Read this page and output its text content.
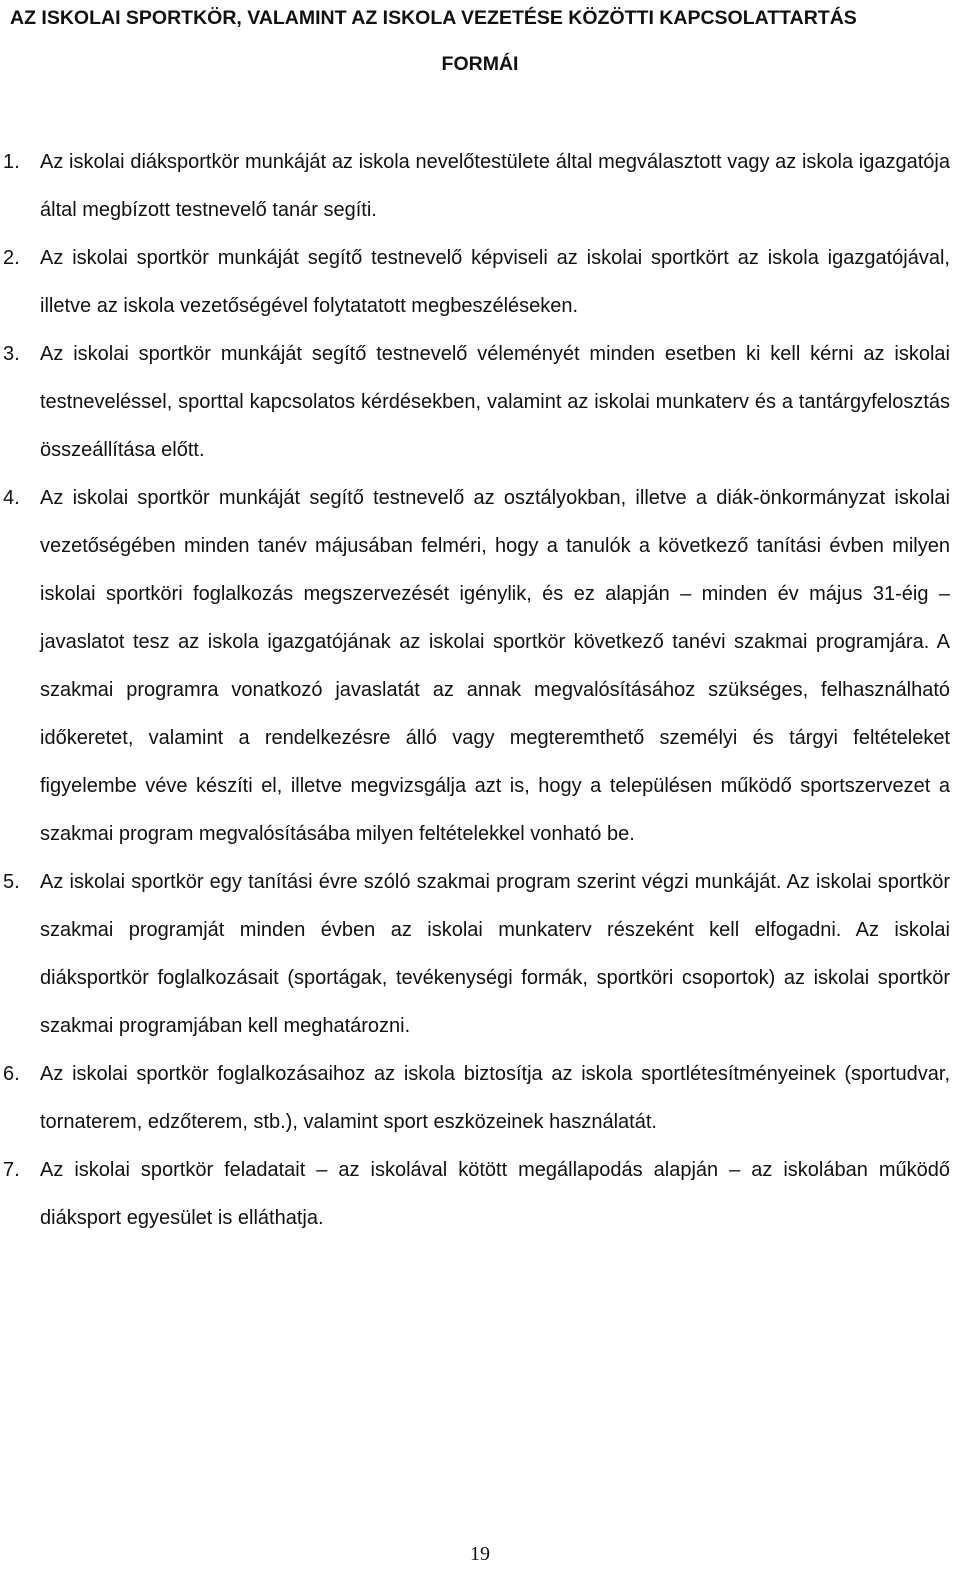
AZ ISKOLAI SPORTKÖR, VALAMINT AZ ISKOLA VEZETÉSE KÖZÖTTI KAPCSOLATTARTÁS
FORMÁI
1. Az iskolai diáksportkör munkáját az iskola nevelőtestülete által megválasztott vagy az iskola igazgatója által megbízott testnevelő tanár segíti.
2. Az iskolai sportkör munkáját segítő testnevelő képviseli az iskolai sportkört az iskola igazgatójával, illetve az iskola vezetőségével folytatatott megbeszéléseken.
3. Az iskolai sportkör munkáját segítő testnevelő véleményét minden esetben ki kell kérni az iskolai testneveléssel, sporttal kapcsolatos kérdésekben, valamint az iskolai munkaterv és a tantárgyfelosztás összeállítása előtt.
4. Az iskolai sportkör munkáját segítő testnevelő az osztályokban, illetve a diák-önkormányzat iskolai vezetőségében minden tanév májusában felméri, hogy a tanulók a következő tanítási évben milyen iskolai sportköri foglalkozás megszervezését igénylik, és ez alapján – minden év május 31-éig – javaslatot tesz az iskola igazgatójának az iskolai sportkör következő tanévi szakmai programjára. A szakmai programra vonatkozó javaslatát az annak megvalósításához szükséges, felhasználható időkeretet, valamint a rendelkezésre álló vagy megteremthető személyi és tárgyi feltételeket figyelembe véve készíti el, illetve megvizsgálja azt is, hogy a településen működő sportszervezet a szakmai program megvalósításába milyen feltételekkel vonható be.
5. Az iskolai sportkör egy tanítási évre szóló szakmai program szerint végzi munkáját. Az iskolai sportkör szakmai programját minden évben az iskolai munkaterv részeként kell elfogadni. Az iskolai diáksportkör foglalkozásait (sportágak, tevékenységi formák, sportköri csoportok) az iskolai sportkör szakmai programjában kell meghatározni.
6. Az iskolai sportkör foglalkozásaihoz az iskola biztosítja az iskola sportlétesítményeinek (sportudvar, tornaterem, edzőterem, stb.), valamint sport eszközeinek használatát.
7. Az iskolai sportkör feladatait – az iskolával kötött megállapodás alapján – az iskolában működő diáksport egyesület is elláthatja.
19
